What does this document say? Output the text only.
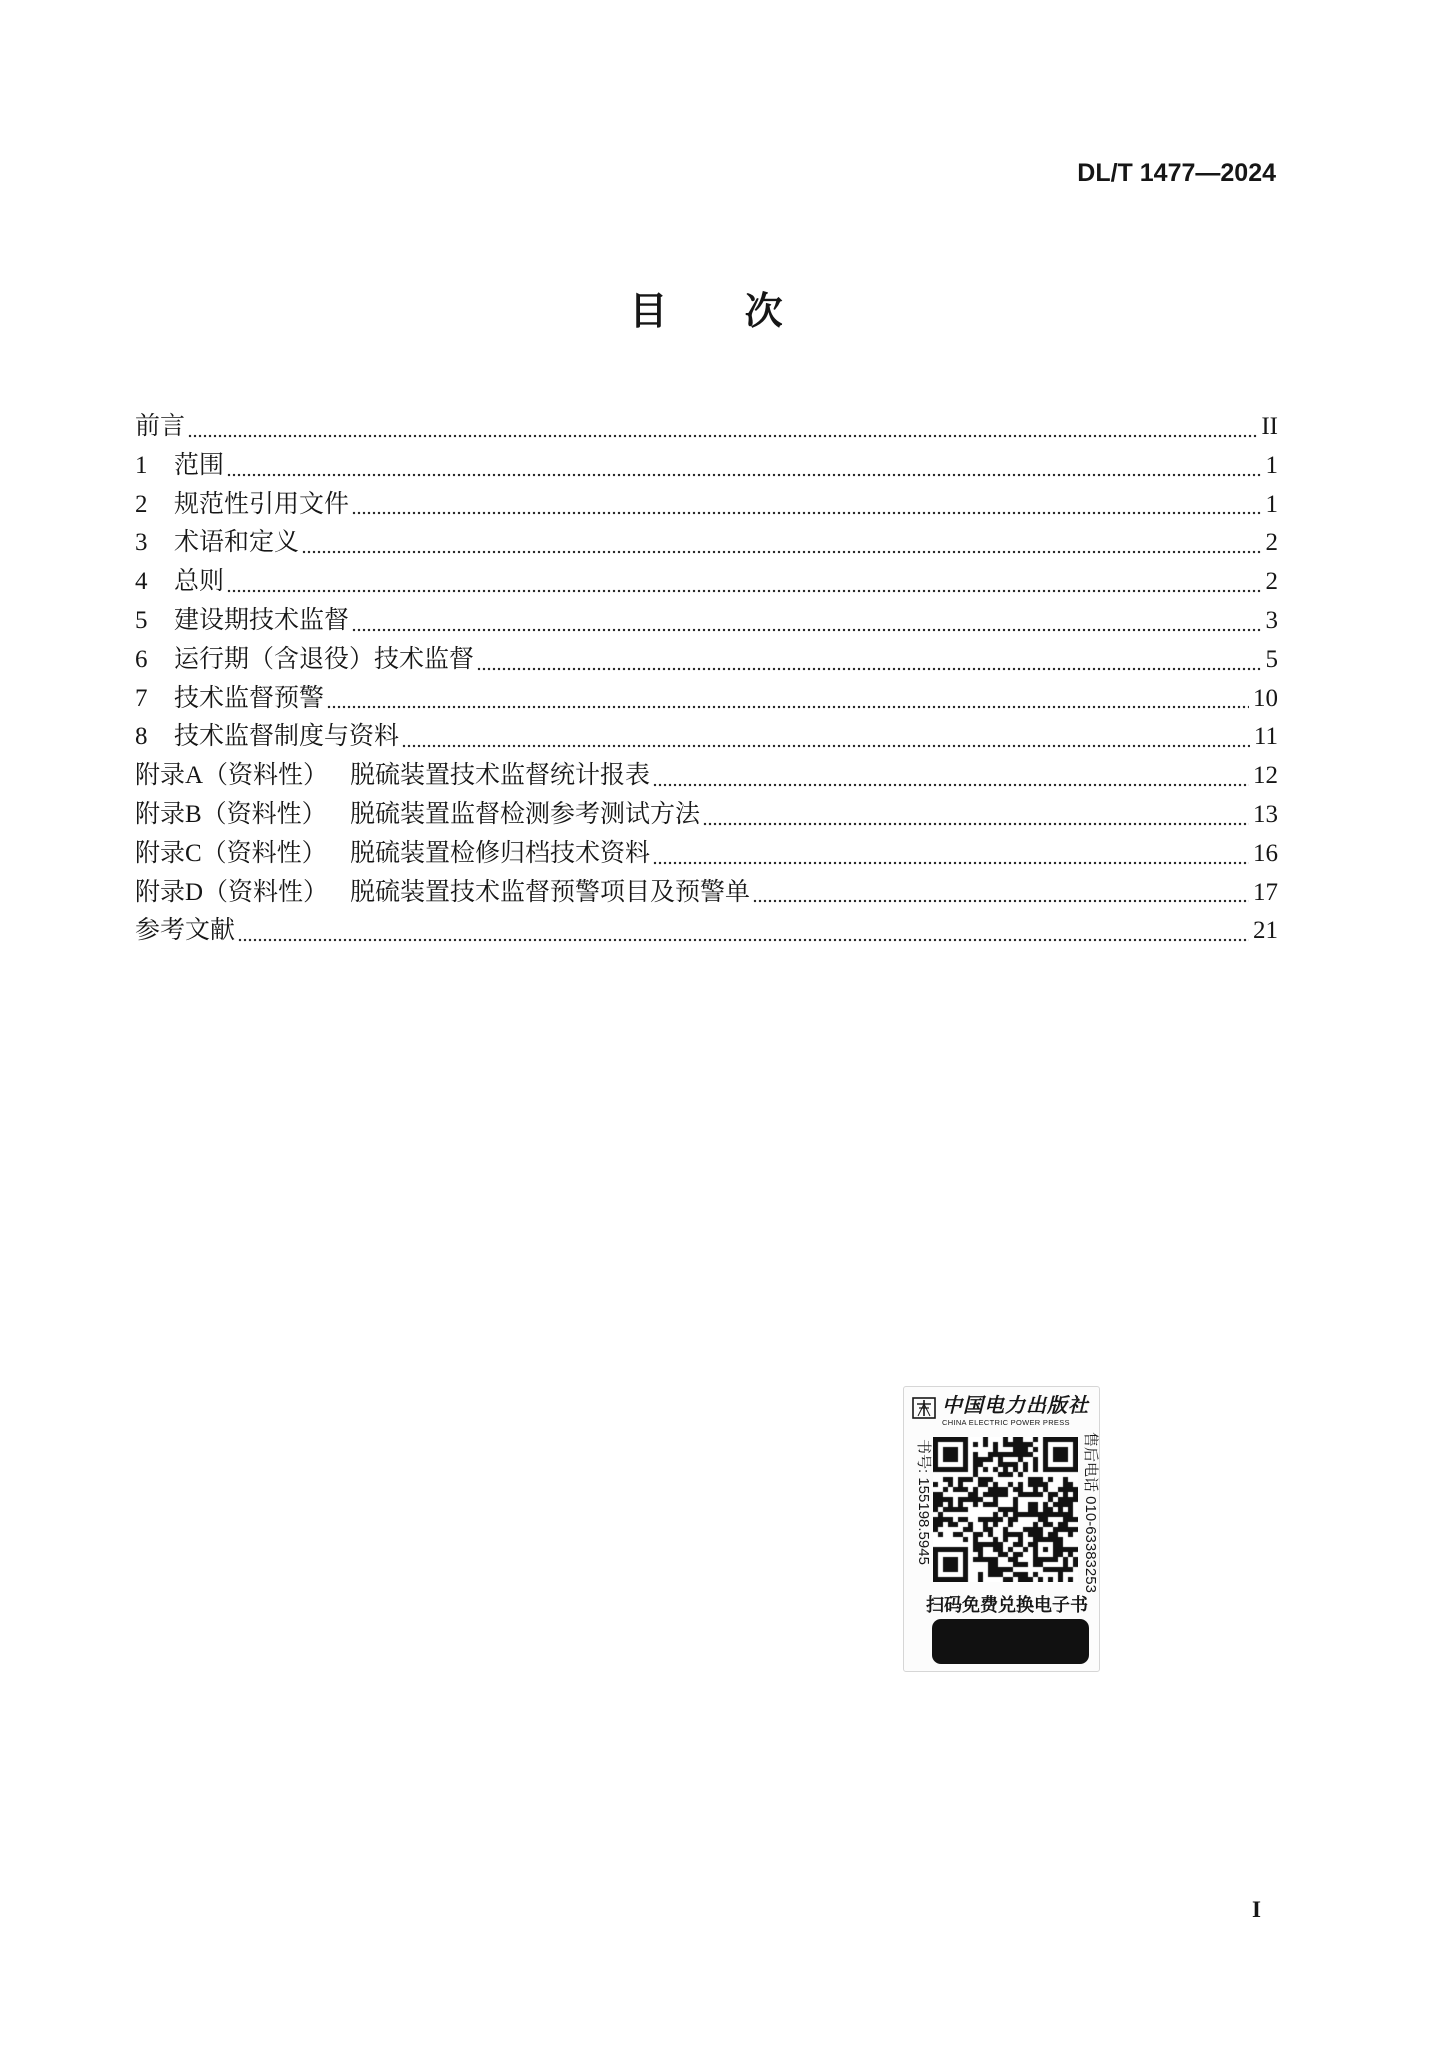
DL/T 1477—2024
目 次
前言	II
1	范围	1
2	规范性引用文件	1
3	术语和定义	2
4	总则	2
5	建设期技术监督	3
6	运行期（含退役）技术监督	5
7	技术监督预警	10
8	技术监督制度与资料	11
附录A（资料性） 脱硫装置技术监督统计报表	12
附录B（资料性） 脱硫装置监督检测参考测试方法	13
附录C（资料性） 脱硫装置检修归档技术资料	16
附录D（资料性） 脱硫装置技术监督预警项目及预警单	17
参考文献	21
中国电力出版社
CHINA ELECTRIC POWER PRESS
书号: 155198.5945	售后电话 010-63383253
扫码免费兑换电子书
I
